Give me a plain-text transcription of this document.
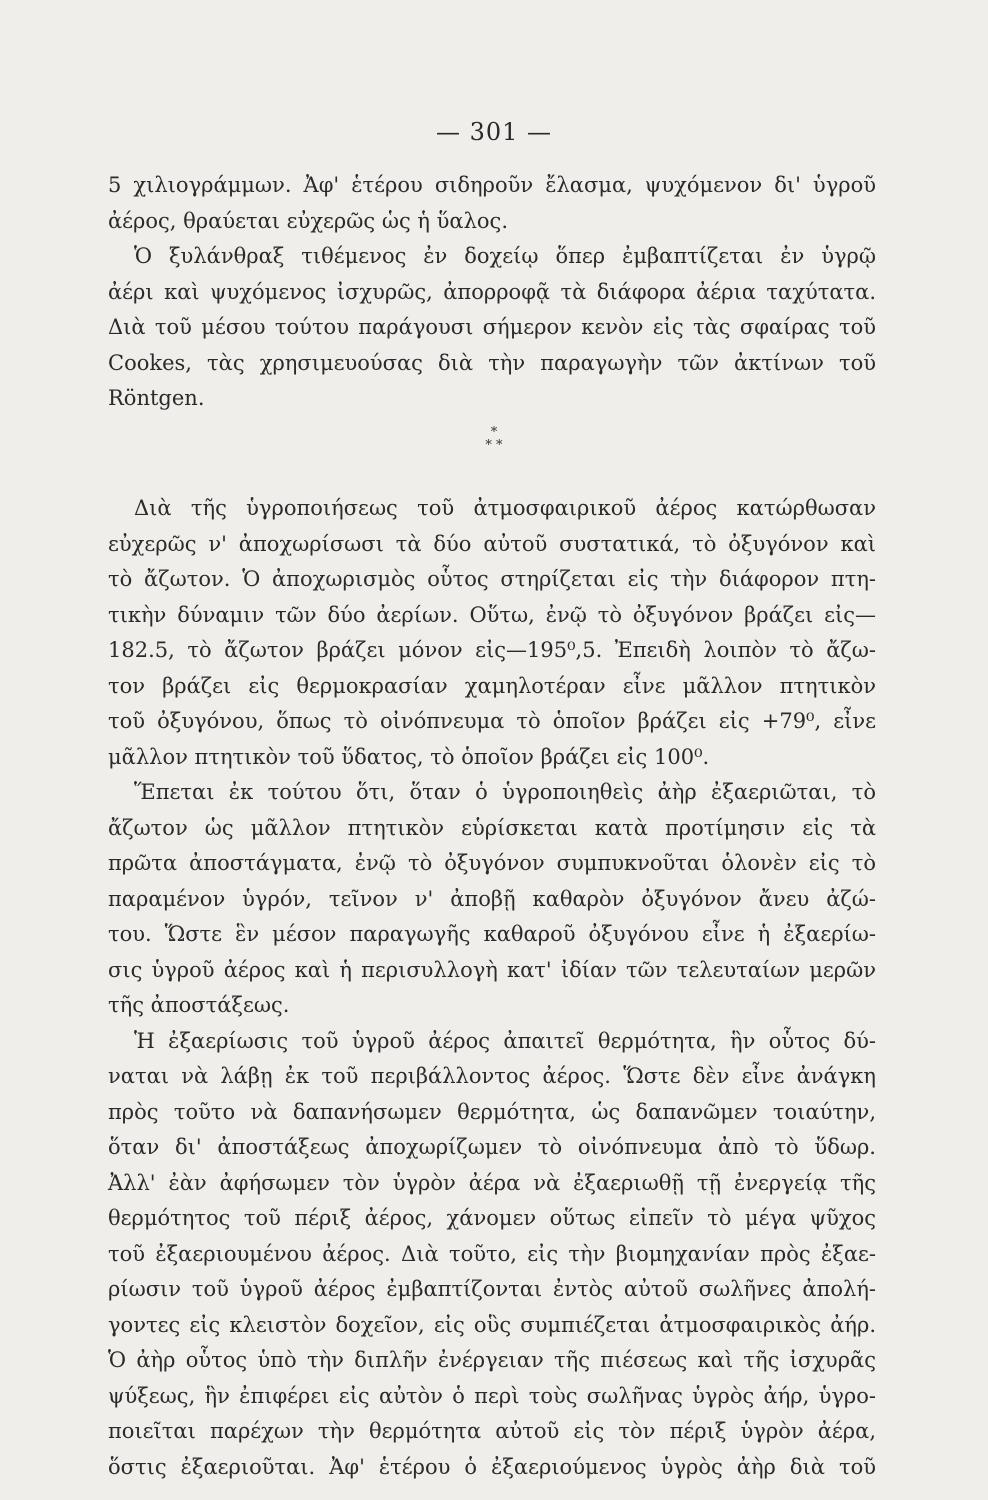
— 301 —
5 χιλιογράμμων. Ἀφ' ἑτέρου σιδηροῦν ἔλασμα, ψυχόμενον δι' ὑγροῦ
ἀέρος, θραύεται εὐχερῶς ὡς ἡ ὕαλος.
Ὁ ξυλάνθραξ τιθέμενος ἐν δοχείῳ ὅπερ ἐμβαπτίζεται ἐν ὑγρῷ
ἀέρι καὶ ψυχόμενος ἰσχυρῶς, ἀπορροφᾷ τὰ διάφορα ἀέρια ταχύτατα.
Διὰ τοῦ μέσου τούτου παράγουσι σήμερον κενὸν εἰς τὰς σφαίρας τοῦ
Cookes, τὰς χρησιμευούσας διὰ τὴν παραγωγὴν τῶν ἀκτίνων τοῦ
Röntgen.
*
* *
Διὰ τῆς ὑγροποιήσεως τοῦ ἀτμοσφαιρικοῦ ἀέρος κατώρθωσαν
εὐχερῶς ν' ἀποχωρίσωσι τὰ δύο αὐτοῦ συστατικά, τὸ ὀξυγόνον καὶ
τὸ ἄζωτον. Ὁ ἀποχωρισμὸς οὗτος στηρίζεται εἰς τὴν διάφορον πτη-
τικὴν δύναμιν τῶν δύο ἀερίων. Οὕτω, ἐνῷ τὸ ὀξυγόνον βράζει εἰς—
182.5, τὸ ἄζωτον βράζει μόνον εἰς—195⁰,5. Ἐπειδὴ λοιπὸν τὸ ἄζω-
τον βράζει εἰς θερμοκρασίαν χαμηλοτέραν εἶνε μᾶλλον πτητικὸν
τοῦ ὀξυγόνου, ὅπως τὸ οἰνόπνευμα τὸ ὁποῖον βράζει εἰς +79⁰, εἶνε
μᾶλλον πτητικὸν τοῦ ὕδατος, τὸ ὁποῖον βράζει εἰς 100⁰.
Ἕπεται ἐκ τούτου ὅτι, ὅταν ὁ ὑγροποιηθεὶς ἀὴρ ἐξαεριῶται, τὸ
ἄζωτον ὡς μᾶλλον πτητικὸν εὑρίσκεται κατὰ προτίμησιν εἰς τὰ
πρῶτα ἀποστάγματα, ἐνῷ τὸ ὀξυγόνον συμπυκνοῦται ὁλονὲν εἰς τὸ
παραμένον ὑγρόν, τεῖνον ν' ἀποβῇ καθαρὸν ὀξυγόνον ἄνευ ἀζώ-
του. Ὥστε ἓν μέσον παραγωγῆς καθαροῦ ὀξυγόνου εἶνε ἡ ἐξαερίω-
σις ὑγροῦ ἀέρος καὶ ἡ περισυλλογὴ κατ' ἰδίαν τῶν τελευταίων μερῶν
τῆς ἀποστάξεως.
Ἡ ἐξαερίωσις τοῦ ὑγροῦ ἀέρος ἀπαιτεῖ θερμότητα, ἣν οὗτος δύ-
ναται νὰ λάβῃ ἐκ τοῦ περιβάλλοντος ἀέρος. Ὥστε δὲν εἶνε ἀνάγκη
πρὸς τοῦτο νὰ δαπανήσωμεν θερμότητα, ὡς δαπανῶμεν τοιαύτην,
ὅταν δι' ἀποστάξεως ἀποχωρίζωμεν τὸ οἰνόπνευμα ἀπὸ τὸ ὕδωρ.
Ἀλλ' ἐὰν ἀφήσωμεν τὸν ὑγρὸν ἀέρα νὰ ἐξαεριωθῇ τῇ ἐνεργείᾳ τῆς
θερμότητος τοῦ πέριξ ἀέρος, χάνομεν οὕτως εἰπεῖν τὸ μέγα ψῦχος
τοῦ ἐξαεριουμένου ἀέρος. Διὰ τοῦτο, εἰς τὴν βιομηχανίαν πρὸς ἐξαε-
ρίωσιν τοῦ ὑγροῦ ἀέρος ἐμβαπτίζονται ἐντὸς αὐτοῦ σωλῆνες ἀπολή-
γοντες εἰς κλειστὸν δοχεῖον, εἰς οὓς συμπιέζεται ἀτμοσφαιρικὸς ἀήρ.
Ὁ ἀὴρ οὗτος ὑπὸ τὴν διπλῆν ἐνέργειαν τῆς πιέσεως καὶ τῆς ἰσχυρᾶς
ψύξεως, ἣν ἐπιφέρει εἰς αὐτὸν ὁ περὶ τοὺς σωλῆνας ὑγρὸς ἀήρ, ὑγρο-
ποιεῖται παρέχων τὴν θερμότητα αὐτοῦ εἰς τὸν πέριξ ὑγρὸν ἀέρα,
ὅστις ἐξαεριοῦται. Ἀφ' ἑτέρου ὁ ἐξαεριούμενος ὑγρὸς ἀὴρ διὰ τοῦ
